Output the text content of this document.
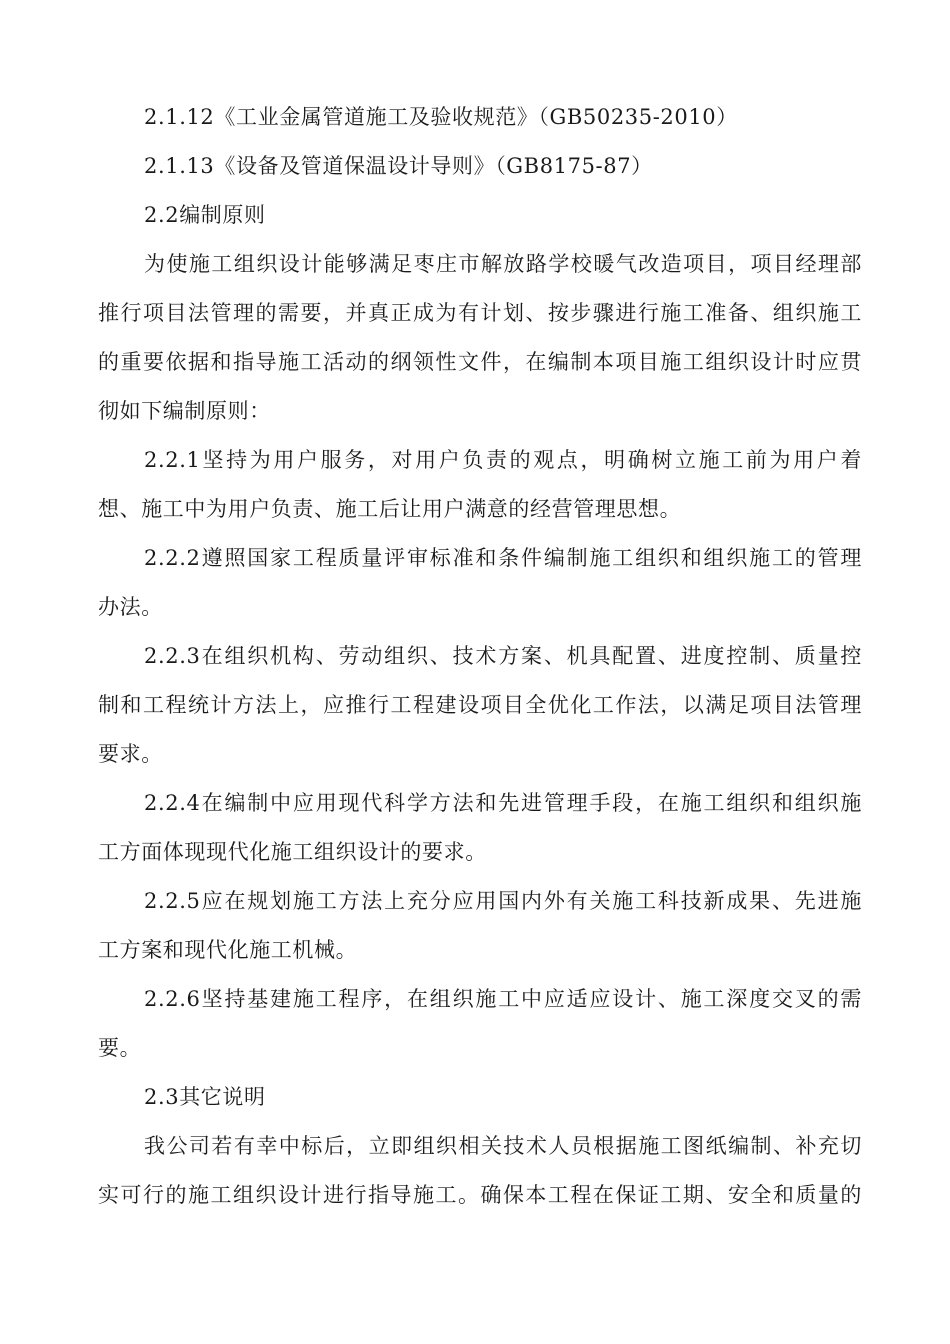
2.1.12《工业金属管道施工及验收规范》（GB50235-2010）

2.1.13《设备及管道保温设计导则》（GB8175-87）

2.2编制原则

为使施工组织设计能够满足枣庄市解放路学校暖气改造项目，项目经理部
推行项目法管理的需要，并真正成为有计划、按步骤进行施工准备、组织施工
的重要依据和指导施工活动的纲领性文件，在编制本项目施工组织设计时应贯
彻如下编制原则：
2.2.1坚持为用户服务，对用户负责的观点，明确树立施工前为用户着
想、施工中为用户负责、施工后让用户满意的经营管理思想。
2.2.2遵照国家工程质量评审标准和条件编制施工组织和组织施工的管理
办法。
2.2.3在组织机构、劳动组织、技术方案、机具配置、进度控制、质量控
制和工程统计方法上，应推行工程建设项目全优化工作法，以满足项目法管理
要求。
2.2.4在编制中应用现代科学方法和先进管理手段，在施工组织和组织施
工方面体现现代化施工组织设计的要求。
2.2.5应在规划施工方法上充分应用国内外有关施工科技新成果、先进施
工方案和现代化施工机械。
2.2.6坚持基建施工程序，在组织施工中应适应设计、施工深度交叉的需
要。

2.3其它说明

我公司若有幸中标后，立即组织相关技术人员根据施工图纸编制、补充切
实可行的施工组织设计进行指导施工。确保本工程在保证工期、安全和质量的
